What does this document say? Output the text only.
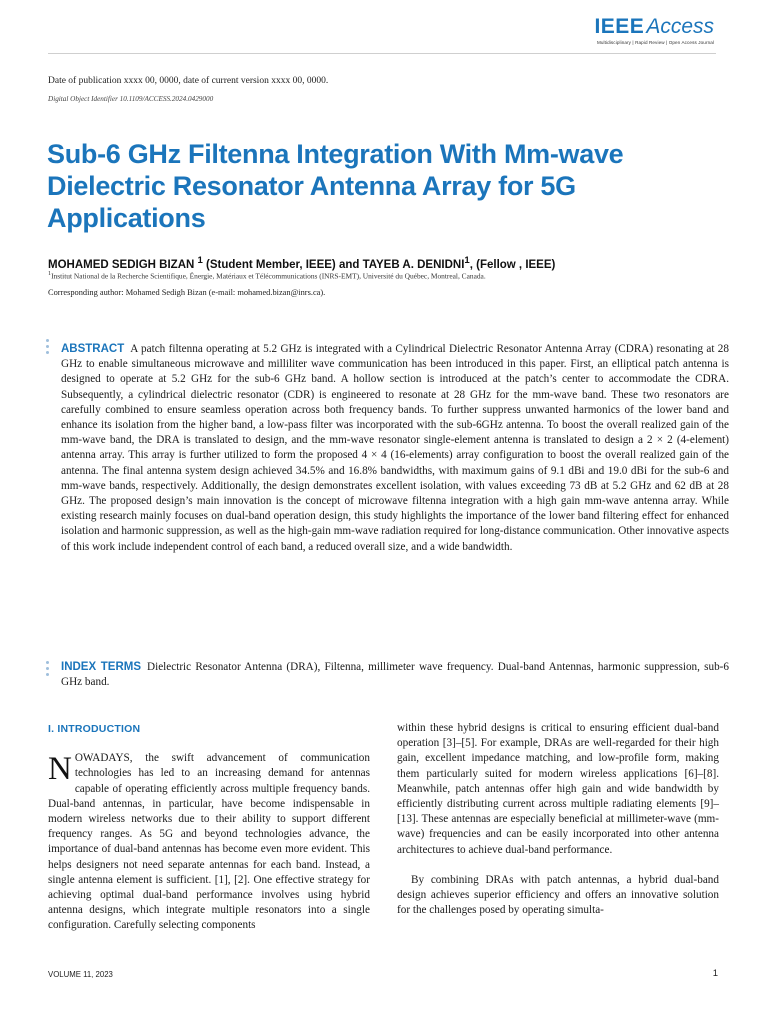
IEEEAccess
Multidisciplinary | Rapid Review | Open Access Journal
Date of publication xxxx 00, 0000, date of current version xxxx 00, 0000.
Digital Object Identifier 10.1109/ACCESS.2024.0429000
Sub-6 GHz Filtenna Integration With Mm-wave Dielectric Resonator Antenna Array for 5G Applications
MOHAMED SEDIGH BIZAN $^1$ (Student Member, IEEE) and TAYEB A. DENIDNI$^1$, (Fellow , IEEE)
$^1$Institut National de la Recherche Scientifique, Énergie, Matériaux et Télécommunications (INRS-EMT), Université du Québec, Montreal, Canada.
Corresponding author: Mohamed Sedigh Bizan (e-mail: mohamed.bizan@inrs.ca).

ABSTRACT A patch filtenna operating at 5.2 GHz is integrated with a Cylindrical Dielectric Resonator Antenna Array (CDRA) resonating at 28 GHz to enable simultaneous microwave and milliliter wave communication has been introduced in this paper. First, an elliptical patch antenna is designed to operate at 5.2 GHz for the sub-6 GHz band. A hollow section is introduced at the patch’s center to accommodate the CDRA. Subsequently, a cylindrical dielectric resonator (CDR) is engineered to resonate at 28 GHz for the mm-wave band. These two resonators are carefully combined to ensure seamless operation across both frequency bands. To further suppress unwanted harmonics of the lower band and enhance its isolation from the higher band, a low-pass filter was incorporated with the sub-6GHz antenna. To boost the overall realized gain of the mm-wave band, the DRA is translated to design, and the mm-wave resonator single-element antenna is translated to design a 2 × 2 (4-element) antenna array. This array is further utilized to form the proposed 4 × 4 (16-elements) array configuration to boost the overall realized gain of the antenna. The final antenna system design achieved 34.5% and 16.8% bandwidths, with maximum gains of 9.1 dBi and 19.0 dBi for the sub-6 and mm-wave bands, respectively. Additionally, the design demonstrates excellent isolation, with values exceeding 73 dB at 5.2 GHz and 62 dB at 28 GHz. The proposed design’s main innovation is the concept of microwave filtenna integration with a high gain mm-wave antenna array. While existing research mainly focuses on dual-band operation design, this study highlights the importance of the lower band filtering effect for enhanced isolation and harmonic suppression, as well as the high-gain mm-wave radiation required for long-distance communication. Other innovative aspects of this work include independent control of each band, a reduced overall size, and a wide bandwidth.

INDEX TERMS Dielectric Resonator Antenna (DRA), Filtenna, millimeter wave frequency. Dual-band Antennas, harmonic suppression, sub-6 GHz band.

I. INTRODUCTION

NOWADAYS, the swift advancement of communication technologies has led to an increasing demand for antennas capable of operating efficiently across multiple frequency bands. Dual-band antennas, in particular, have become indispensable in modern wireless networks due to their ability to support different frequency ranges. As 5G and beyond technologies advance, the importance of dual-band antennas has become even more evident. This helps designers not need separate antennas for each band. Instead, a single antenna element is sufficient. [1], [2]. One effective strategy for achieving optimal dual-band performance involves using hybrid antenna designs, which integrate multiple resonators into a single configuration. Carefully selecting components

within these hybrid designs is critical to ensuring efficient dual-band operation [3]–[5]. For example, DRAs are well-regarded for their high gain, excellent impedance matching, and low-profile form, making them particularly suited for modern wireless applications [6]–[8]. Meanwhile, patch antennas offer high gain and wide bandwidth by efficiently distributing current across multiple radiating elements [9]–[13]. These antennas are especially beneficial at millimeter-wave (mm-wave) frequencies and can be easily incorporated into other antenna architectures to achieve dual-band performance.

By combining DRAs with patch antennas, a hybrid dual-band design achieves superior efficiency and offers an innovative solution for the challenges posed by operating simulta-

VOLUME 11, 2023	1
